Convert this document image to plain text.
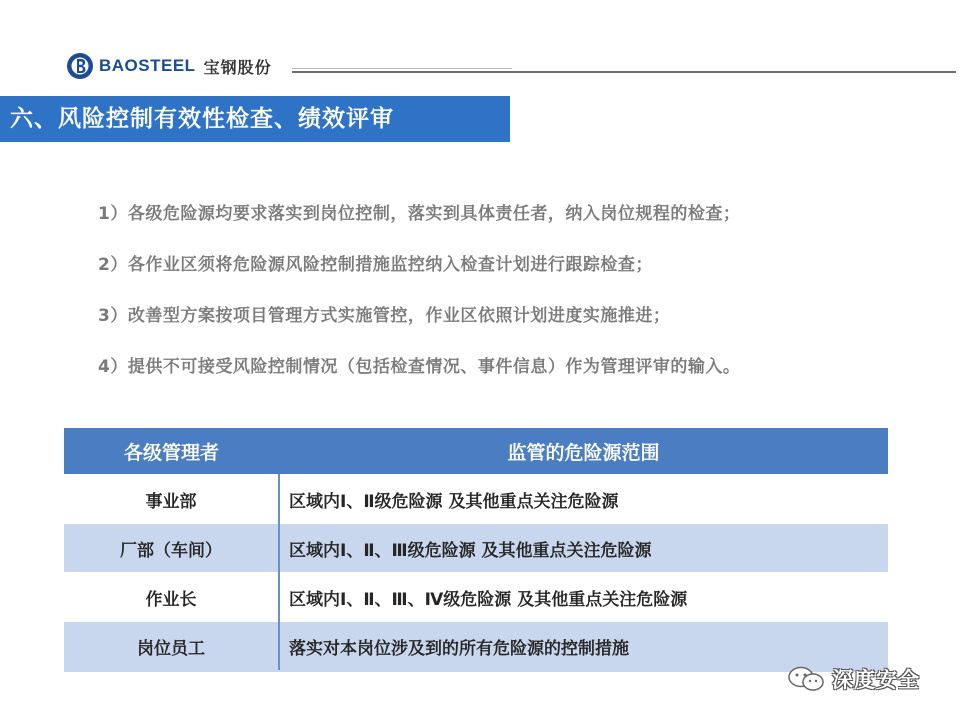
BAOSTEEL 宝钢股份
六、风险控制有效性检查、绩效评审
1）各级危险源均要求落实到岗位控制，落实到具体责任者，纳入岗位规程的检查；
2）各作业区须将危险源风险控制措施监控纳入检查计划进行跟踪检查；
3）改善型方案按项目管理方式实施管控，作业区依照计划进度实施推进；
4）提供不可接受风险控制情况（包括检查情况、事件信息）作为管理评审的输入。
各级管理者	监管的危险源范围
事业部	区域内Ⅰ、Ⅱ级危险源 及其他重点关注危险源
厂部（车间）	区域内Ⅰ、Ⅱ、Ⅲ级危险源 及其他重点关注危险源
作业长	区域内Ⅰ、Ⅱ、Ⅲ、Ⅳ级危险源 及其他重点关注危险源
岗位员工	落实对本岗位涉及到的所有危险源的控制措施
深度安全
